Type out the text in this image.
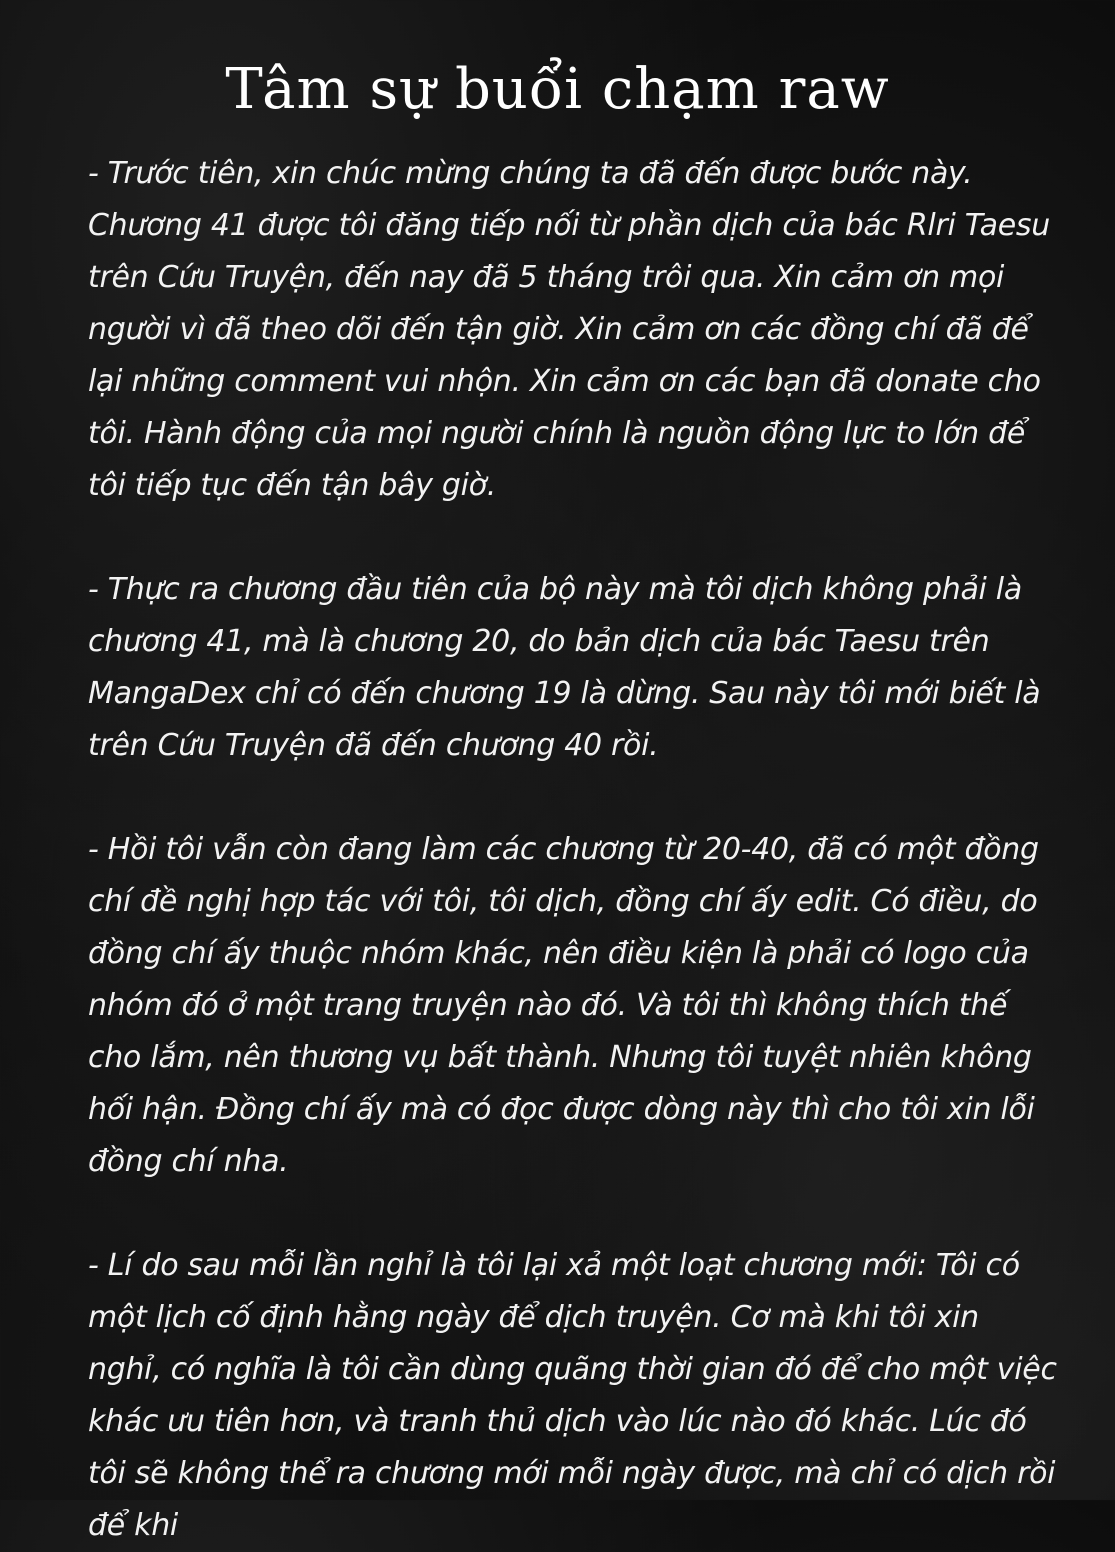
Tâm sự buổi chạm raw

- Trước tiên, xin chúc mừng chúng ta đã đến được bước này. Chương 41 được tôi đăng tiếp nối từ phần dịch của bác Rlri Taesu trên Cứu Truyện, đến nay đã 5 tháng trôi qua. Xin cảm ơn mọi người vì đã theo dõi đến tận giờ. Xin cảm ơn các đồng chí đã để lại những comment vui nhộn. Xin cảm ơn các bạn đã donate cho tôi. Hành động của mọi người chính là nguồn động lực to lớn để tôi tiếp tục đến tận bây giờ.

- Thực ra chương đầu tiên của bộ này mà tôi dịch không phải là chương 41, mà là chương 20, do bản dịch của bác Taesu trên MangaDex chỉ có đến chương 19 là dừng. Sau này tôi mới biết là trên Cứu Truyện đã đến chương 40 rồi.

- Hồi tôi vẫn còn đang làm các chương từ 20-40, đã có một đồng chí đề nghị hợp tác với tôi, tôi dịch, đồng chí ấy edit. Có điều, do đồng chí ấy thuộc nhóm khác, nên điều kiện là phải có logo của nhóm đó ở một trang truyện nào đó. Và tôi thì không thích thế cho lắm, nên thương vụ bất thành. Nhưng tôi tuyệt nhiên không hối hận. Đồng chí ấy mà có đọc được dòng này thì cho tôi xin lỗi đồng chí nha.

- Lí do sau mỗi lần nghỉ là tôi lại xả một loạt chương mới: Tôi có một lịch cố định hằng ngày để dịch truyện. Cơ mà khi tôi xin nghỉ, có nghĩa là tôi cần dùng quãng thời gian đó để cho một việc khác ưu tiên hơn, và tranh thủ dịch vào lúc nào đó khác. Lúc đó tôi sẽ không thể ra chương mới mỗi ngày được, mà chỉ có dịch rồi để khi
